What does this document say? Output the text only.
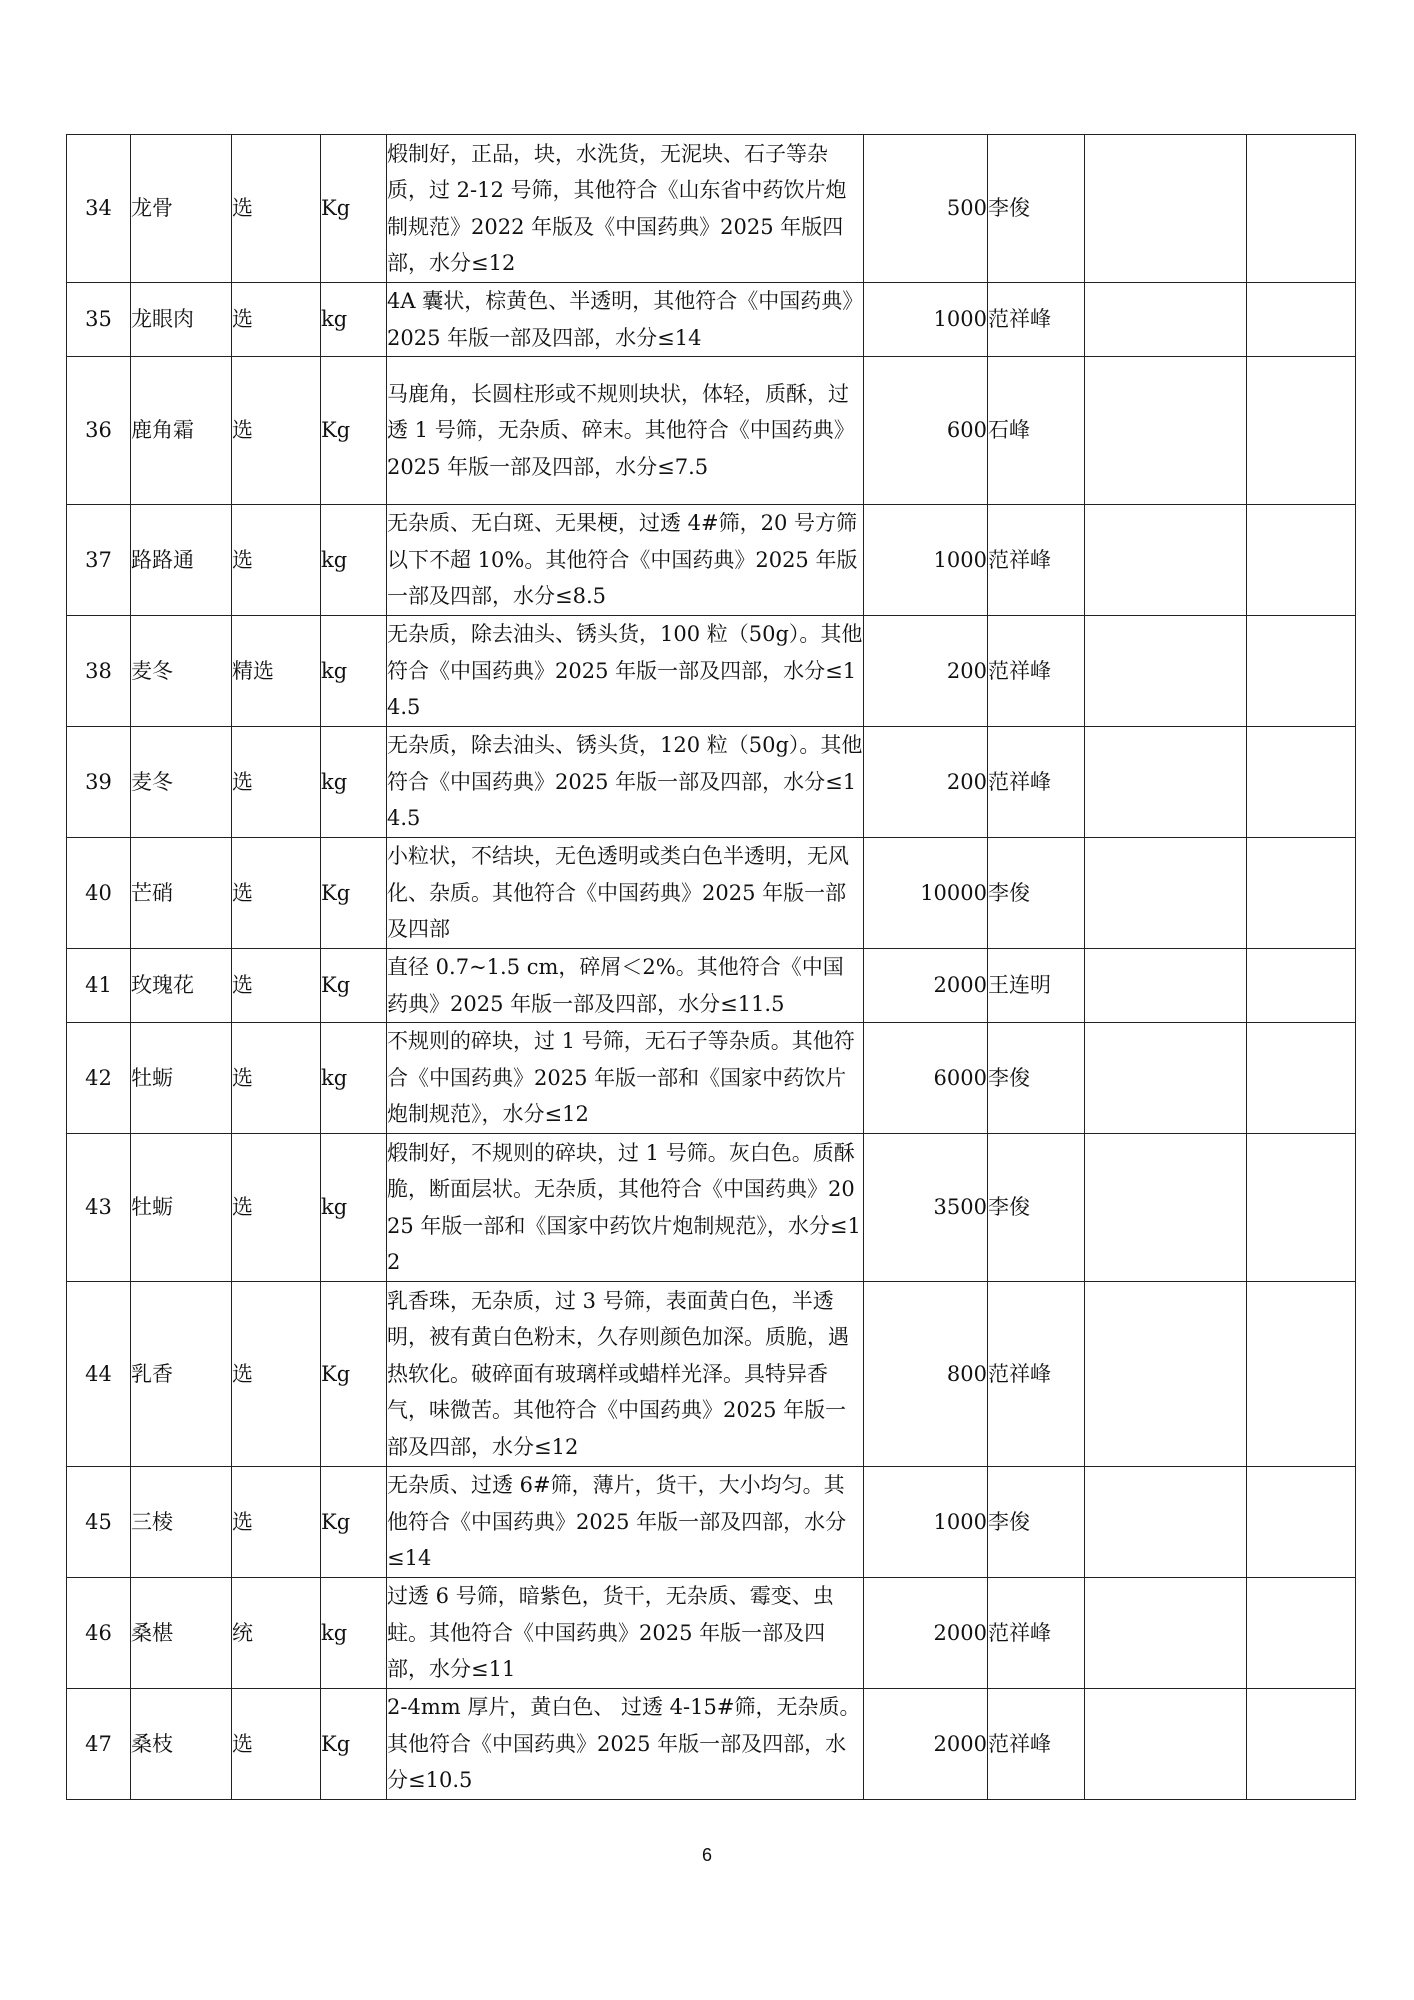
34	龙骨	选	Kg	煅制好，正品，块，水洗货，无泥块、石子等杂质，过 2-12 号筛，其他符合《山东省中药饮片炮制规范》2022 年版及《中国药典》2025 年版四部，水分≤12	500	李俊		
35	龙眼肉	选	kg	4A 囊状，棕黄色、半透明，其他符合《中国药典》2025 年版一部及四部，水分≤14	1000	范祥峰		
36	鹿角霜	选	Kg	马鹿角，长圆柱形或不规则块状，体轻，质酥，过透 1 号筛，无杂质、碎末。其他符合《中国药典》2025 年版一部及四部，水分≤7.5	600	石峰		
37	路路通	选	kg	无杂质、无白斑、无果梗，过透 4#筛，20 号方筛以下不超 10%。其他符合《中国药典》2025 年版一部及四部，水分≤8.5	1000	范祥峰		
38	麦冬	精选	kg	无杂质，除去油头、锈头货，100 粒（50g）。其他符合《中国药典》2025 年版一部及四部，水分≤14.5	200	范祥峰		
39	麦冬	选	kg	无杂质，除去油头、锈头货，120 粒（50g）。其他符合《中国药典》2025 年版一部及四部，水分≤14.5	200	范祥峰		
40	芒硝	选	Kg	小粒状，不结块，无色透明或类白色半透明，无风化、杂质。其他符合《中国药典》2025 年版一部及四部	10000	李俊		
41	玫瑰花	选	Kg	直径 0.7~1.5 cm，碎屑＜2%。其他符合《中国药典》2025 年版一部及四部，水分≤11.5	2000	王连明		
42	牡蛎	选	kg	不规则的碎块，过 1 号筛，无石子等杂质。其他符合《中国药典》2025 年版一部和《国家中药饮片炮制规范》，水分≤12	6000	李俊		
43	牡蛎	选	kg	煅制好，不规则的碎块，过 1 号筛。灰白色。质酥脆，断面层状。无杂质，其他符合《中国药典》2025 年版一部和《国家中药饮片炮制规范》，水分≤12	3500	李俊		
44	乳香	选	Kg	乳香珠，无杂质，过 3 号筛，表面黄白色，半透明，被有黄白色粉末，久存则颜色加深。质脆，遇热软化。破碎面有玻璃样或蜡样光泽。具特异香气，味微苦。其他符合《中国药典》2025 年版一部及四部，水分≤12	800	范祥峰		
45	三棱	选	Kg	无杂质、过透 6#筛，薄片，货干，大小均匀。其他符合《中国药典》2025 年版一部及四部，水分≤14	1000	李俊		
46	桑椹	统	kg	过透 6 号筛，暗紫色，货干，无杂质、霉变、虫蛀。其他符合《中国药典》2025 年版一部及四部，水分≤11	2000	范祥峰		
47	桑枝	选	Kg	2-4mm 厚片，黄白色、 过透 4-15#筛，无杂质。其他符合《中国药典》2025 年版一部及四部，水分≤10.5	2000	范祥峰		
6
